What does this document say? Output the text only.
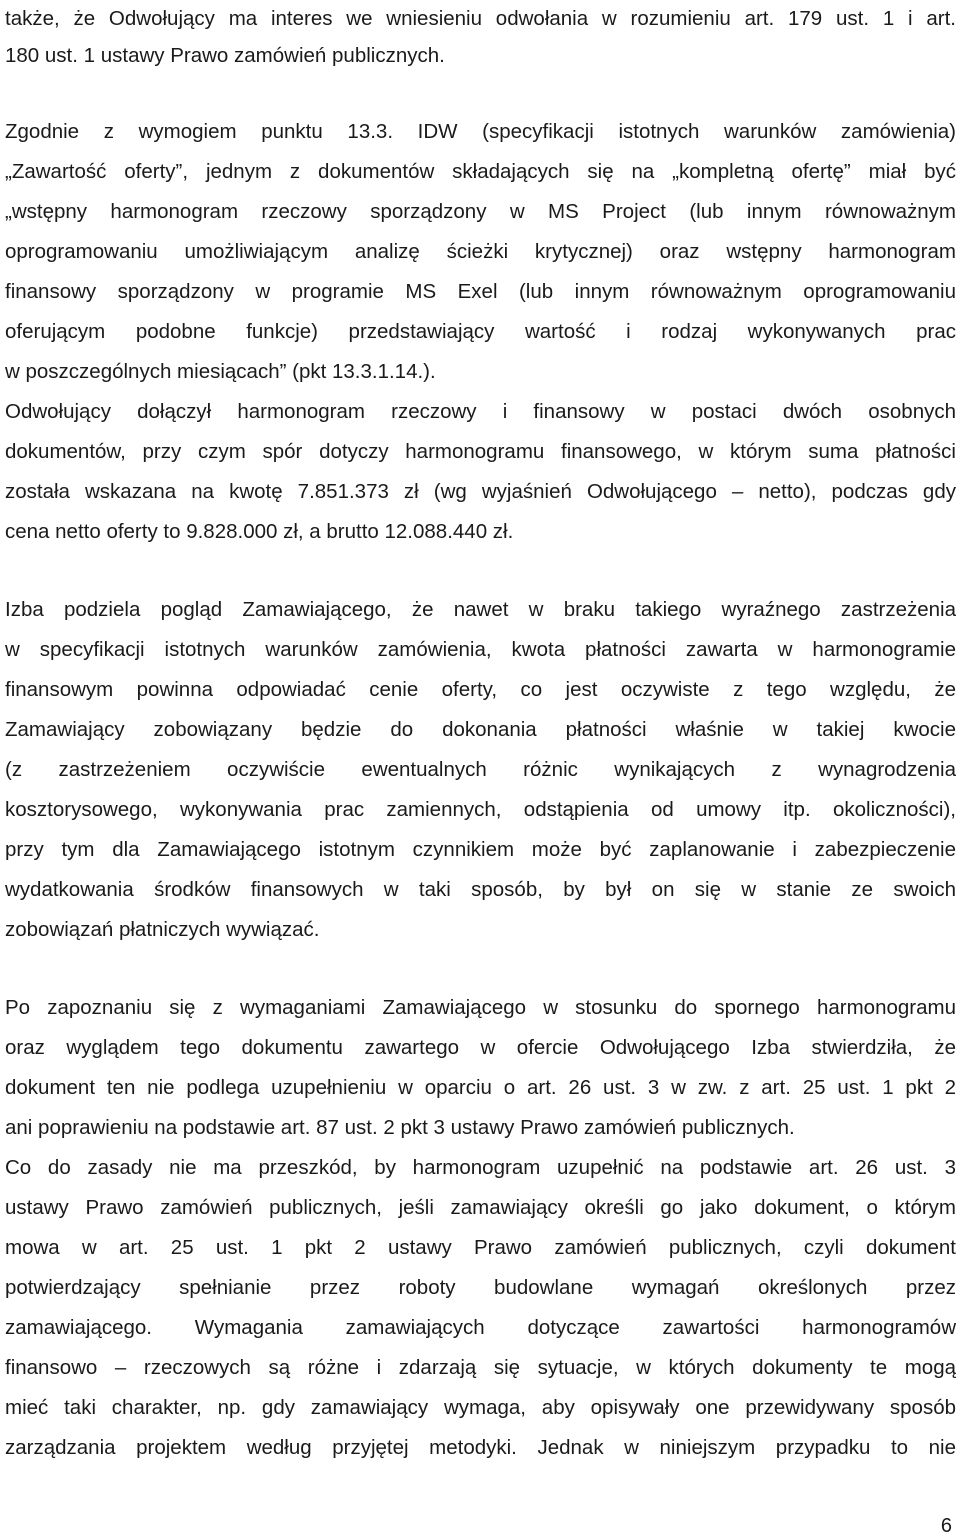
także, że Odwołujący ma interes we wniesieniu odwołania w rozumieniu art. 179 ust. 1 i art.
180 ust. 1 ustawy Prawo zamówień publicznych.
Zgodnie z wymogiem punktu 13.3. IDW (specyfikacji istotnych warunków zamówienia)
„Zawartość oferty”, jednym z dokumentów składających się na „kompletną ofertę” miał być
„wstępny harmonogram rzeczowy sporządzony w MS Project (lub innym równoważnym
oprogramowaniu umożliwiającym analizę ścieżki krytycznej) oraz wstępny harmonogram
finansowy sporządzony w programie MS Exel (lub innym równoważnym oprogramowaniu
oferującym podobne funkcje) przedstawiający wartość i rodzaj wykonywanych prac
w poszczególnych miesiącach” (pkt 13.3.1.14.).
Odwołujący dołączył harmonogram rzeczowy i finansowy w postaci dwóch osobnych
dokumentów, przy czym spór dotyczy harmonogramu finansowego, w którym suma płatności
została wskazana na kwotę 7.851.373 zł (wg wyjaśnień Odwołującego – netto), podczas gdy
cena netto oferty to 9.828.000 zł, a brutto 12.088.440 zł.
Izba podziela pogląd Zamawiającego, że nawet w braku takiego wyraźnego zastrzeżenia
w specyfikacji istotnych warunków zamówienia, kwota płatności zawarta w harmonogramie
finansowym powinna odpowiadać cenie oferty, co jest oczywiste z tego względu, że
Zamawiający zobowiązany będzie do dokonania płatności właśnie w takiej kwocie
(z zastrzeżeniem oczywiście ewentualnych różnic wynikających z wynagrodzenia
kosztorysowego, wykonywania prac zamiennych, odstąpienia od umowy itp. okoliczności),
przy tym dla Zamawiającego istotnym czynnikiem może być zaplanowanie i zabezpieczenie
wydatkowania środków finansowych w taki sposób, by był on się w stanie ze swoich
zobowiązań płatniczych wywiązać.
Po zapoznaniu się z wymaganiami Zamawiającego w stosunku do spornego harmonogramu
oraz wyglądem tego dokumentu zawartego w ofercie Odwołującego Izba stwierdziła, że
dokument ten nie podlega uzupełnieniu w oparciu o art. 26 ust. 3 w zw. z art. 25 ust. 1 pkt 2
ani poprawieniu na podstawie art. 87 ust. 2 pkt 3 ustawy Prawo zamówień publicznych.
Co do zasady nie ma przeszkód, by harmonogram uzupełnić na podstawie art. 26 ust. 3
ustawy Prawo zamówień publicznych, jeśli zamawiający określi go jako dokument, o którym
mowa w art. 25 ust. 1 pkt 2 ustawy Prawo zamówień publicznych, czyli dokument
potwierdzający spełnianie przez roboty budowlane wymagań określonych przez
zamawiającego. Wymagania zamawiających dotyczące zawartości harmonogramów
finansowo – rzeczowych są różne i zdarzają się sytuacje, w których dokumenty te mogą
mieć taki charakter, np. gdy zamawiający wymaga, aby opisywały one przewidywany sposób
zarządzania projektem według przyjętej metodyki. Jednak w niniejszym przypadku to nie
6
